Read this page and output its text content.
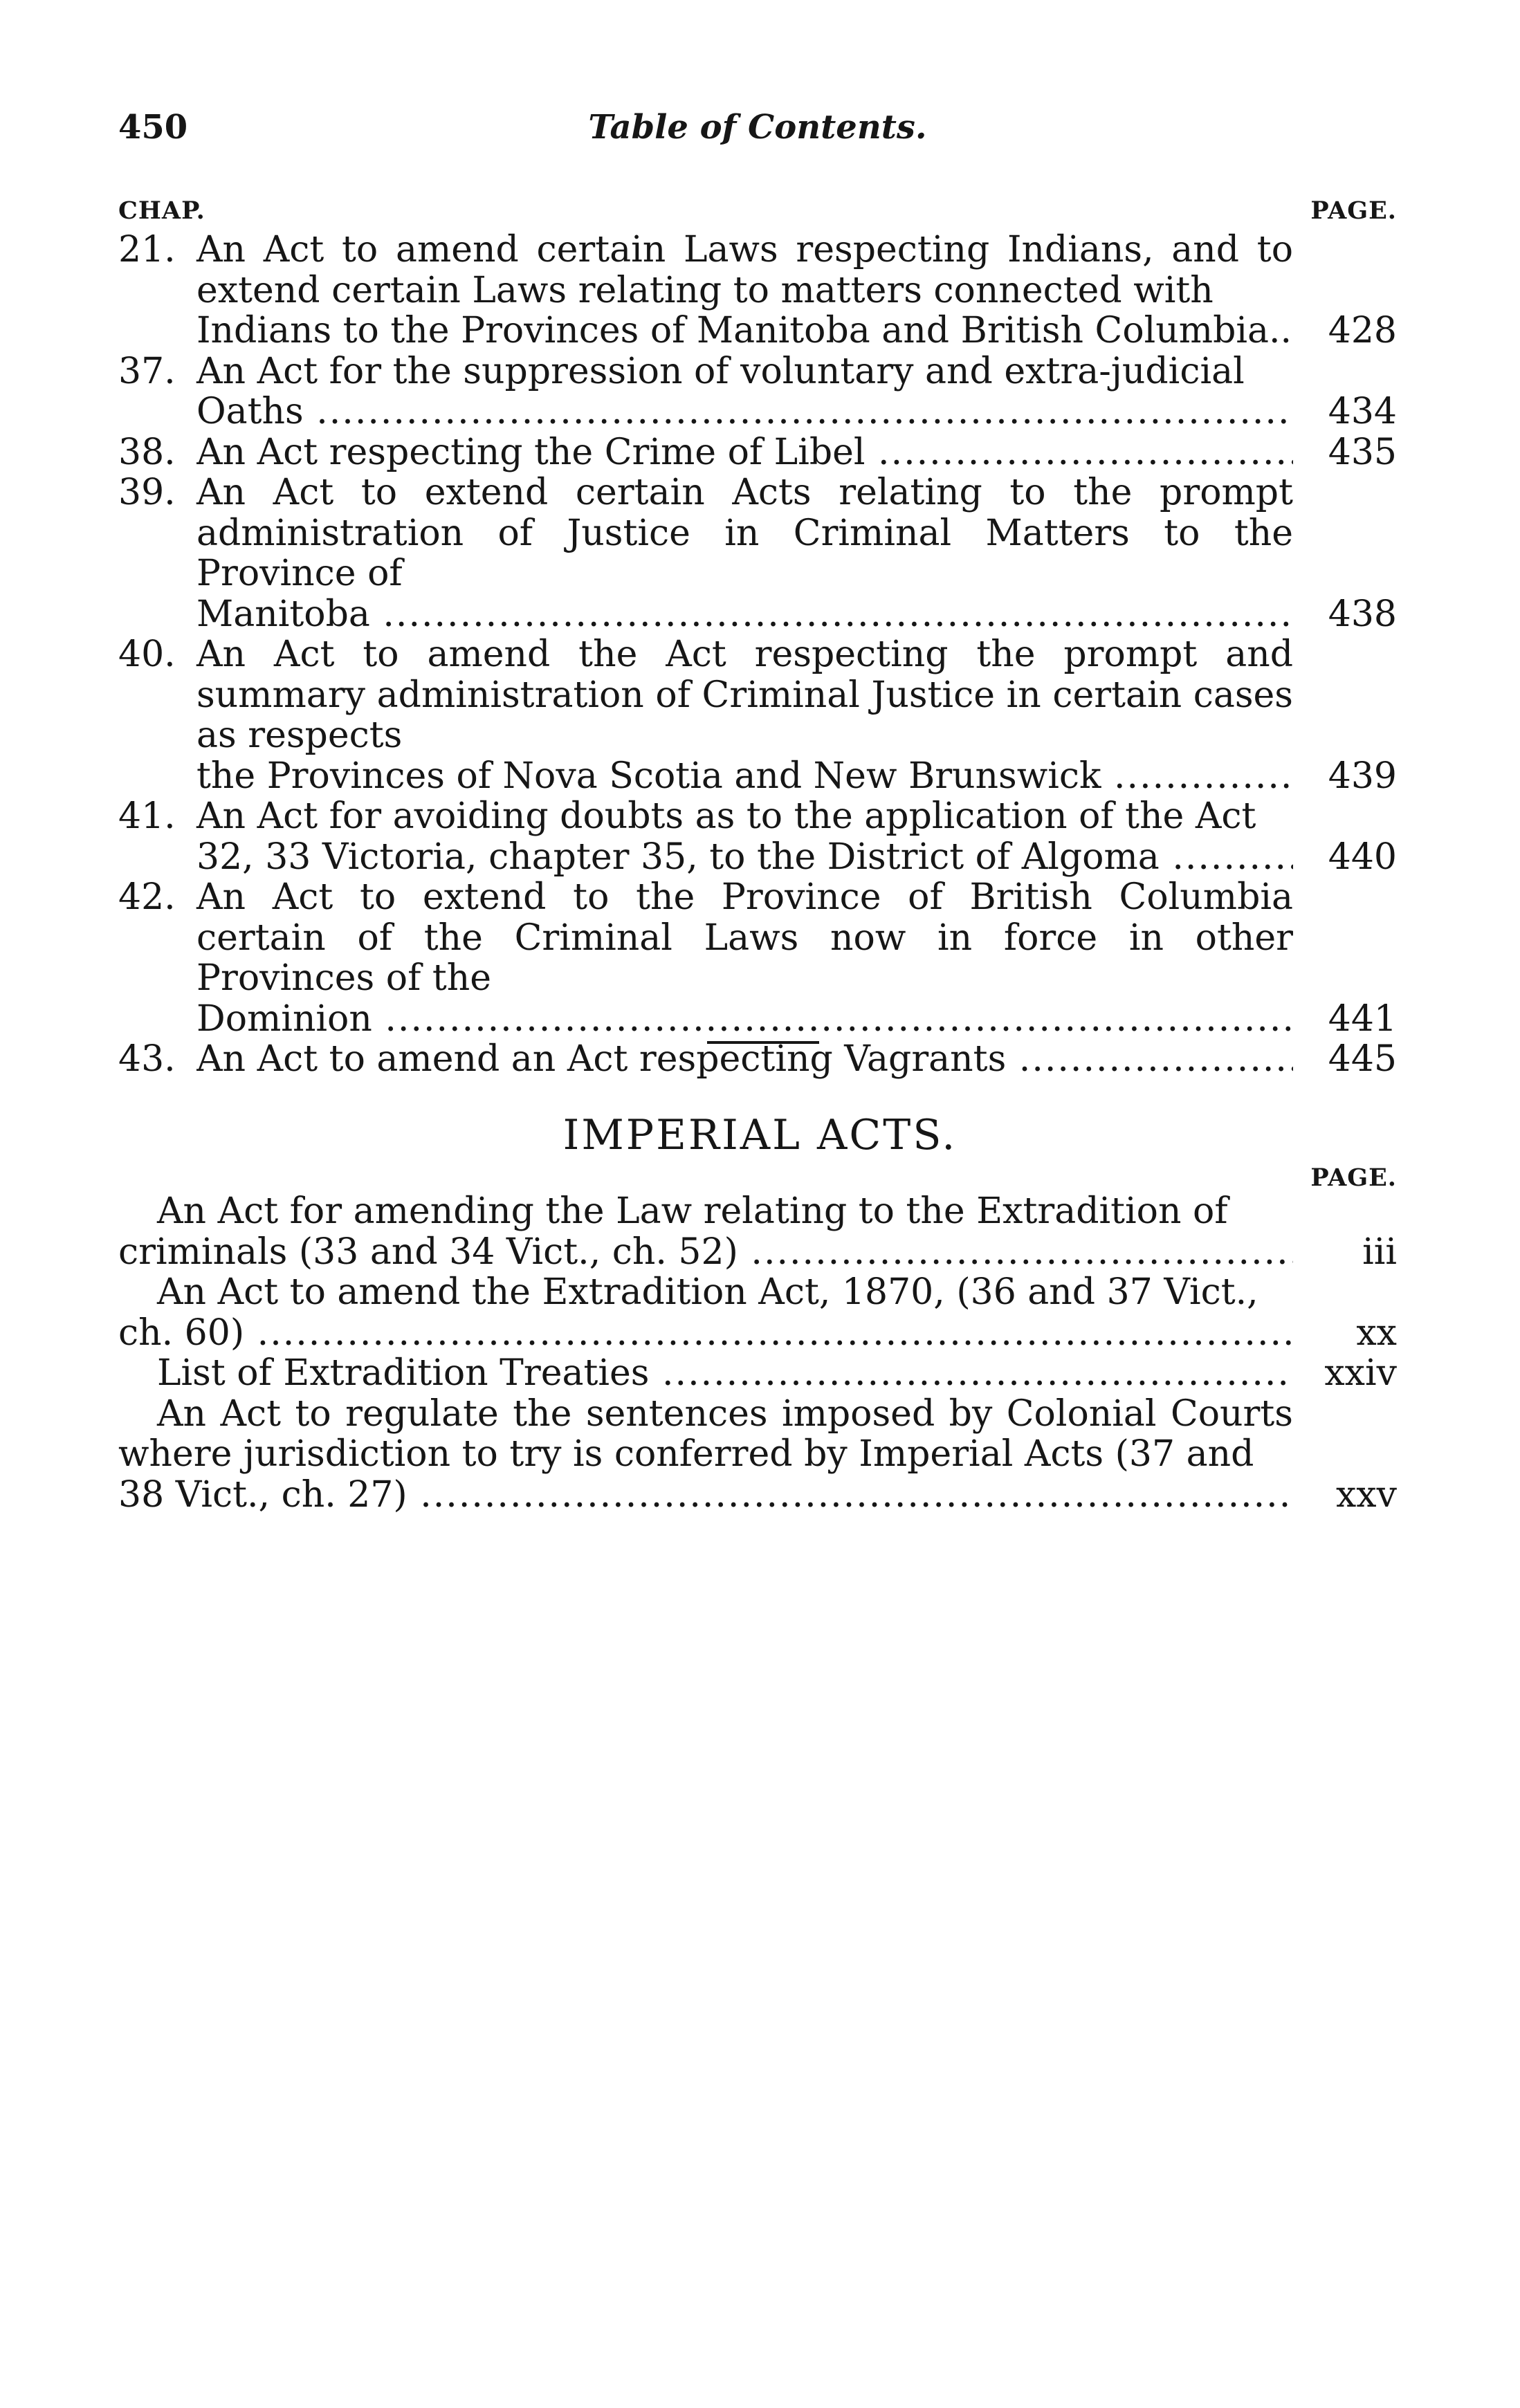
450	Table of Contents.
CHAP.	PAGE.
21. An Act to amend certain Laws respecting Indians, and to extend certain Laws relating to matters connected with
Indians to the Provinces of Manitoba and British Columbia.. ..... 428
37. An Act for the suppression of voluntary and extra-judicial
Oaths .....	434
38. An Act respecting the Crime of Libel .....	435
39. An Act to extend certain Acts relating to the prompt administration of Justice in Criminal Matters to the Province of
Manitoba .....	438
40. An Act to amend the Act respecting the prompt and summary administration of Criminal Justice in certain cases as respects
the Provinces of Nova Scotia and New Brunswick .....	439
41. An Act for avoiding doubts as to the application of the Act
32, 33 Victoria, chapter 35, to the District of Algoma .....	440
42. An Act to extend to the Province of British Columbia certain of the Criminal Laws now in force in other Provinces of the
Dominion .....	441
43. An Act to amend an Act respecting Vagrants .....	445
IMPERIAL ACTS.
PAGE.
An Act for amending the Law relating to the Extradition of
criminals (33 and 34 Vict., ch. 52) .....	iii
An Act to amend the Extradition Act, 1870, (36 and 37 Vict.,
ch. 60) .....	xx
List of Extradition Treaties .....	xxiv
An Act to regulate the sentences imposed by Colonial Courts where jurisdiction to try is conferred by Imperial Acts (37 and
38 Vict., ch. 27) .....	xxv
